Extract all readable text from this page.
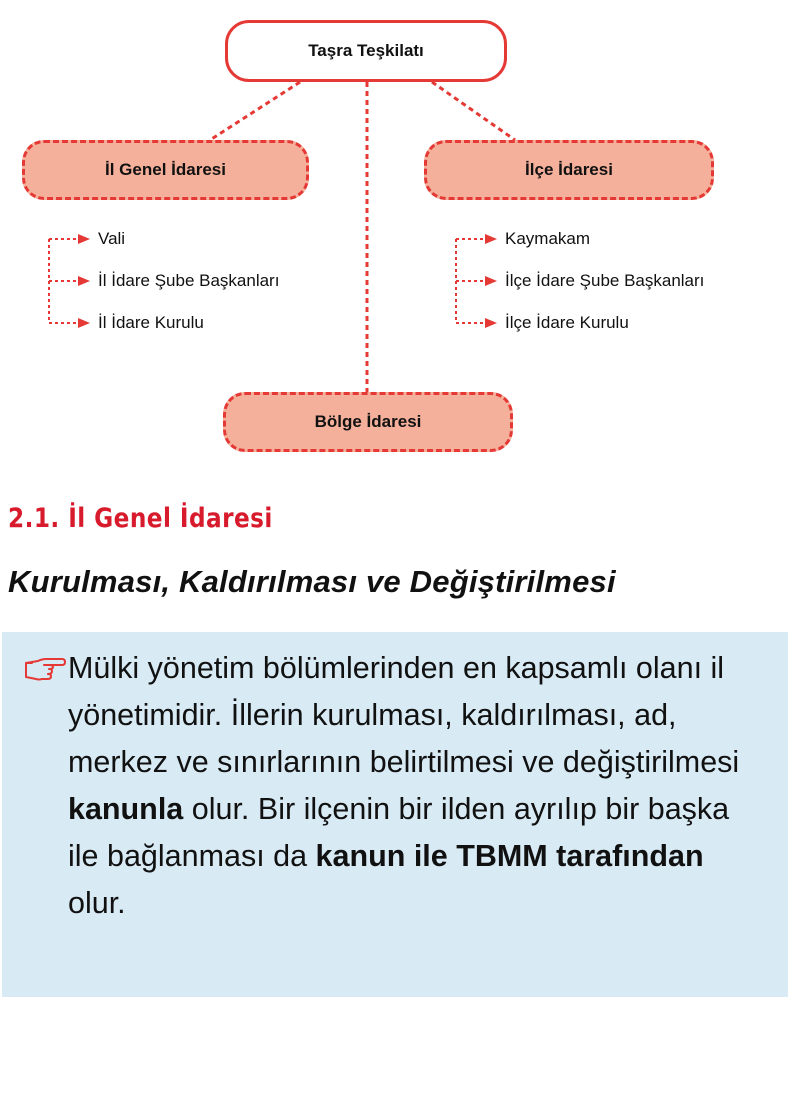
Taşra Teşkilatı
İl Genel İdaresi	İlçe İdaresi
Bölge İdaresi
Vali
İl İdare Şube Başkanları
İl İdare Kurulu
Kaymakam
İlçe İdare Şube Başkanları
İlçe İdare Kurulu
2.1. İl Genel İdaresi
Kurulması, Kaldırılması ve Değiştirilmesi
Mülki yönetim bölümlerinden en kapsamlı olanı il yönetimidir. İllerin kurulması, kaldırılması, ad, merkez ve sınırlarının belirtilmesi ve değiştirilmesi kanunla olur. Bir ilçenin bir ilden ayrılıp bir başka ile bağlanması da kanun ile TBMM tarafından olur.
